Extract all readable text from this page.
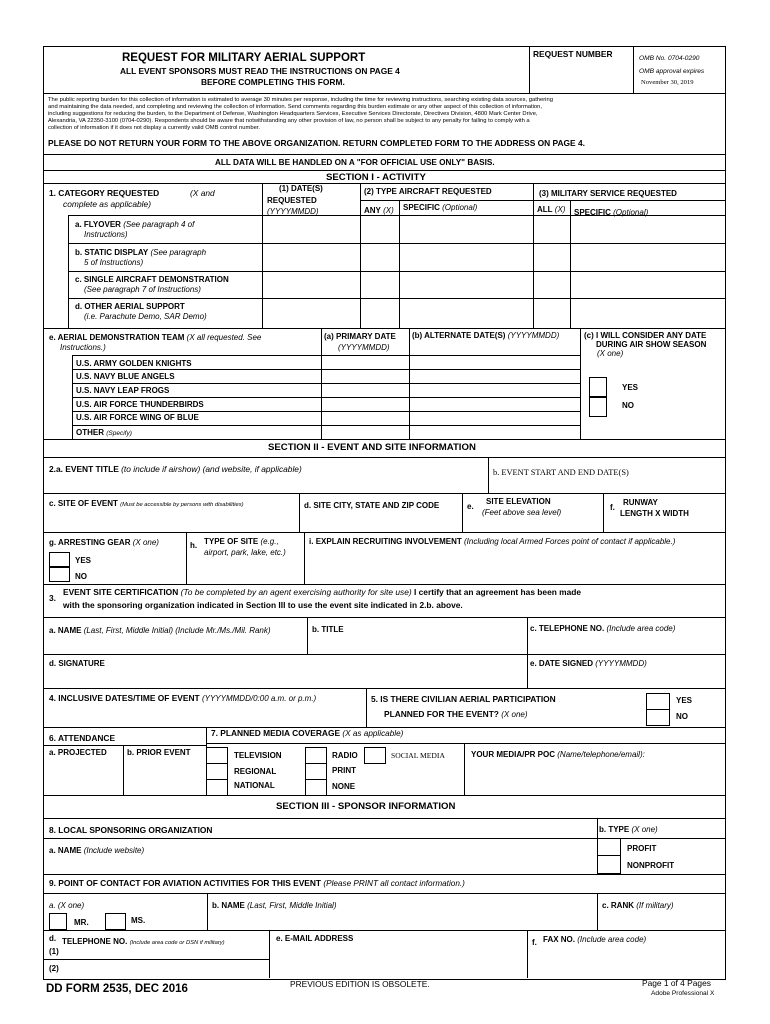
REQUEST FOR MILITARY AERIAL SUPPORT
ALL EVENT SPONSORS MUST READ THE INSTRUCTIONS ON PAGE 4
BEFORE COMPLETING THIS FORM.
REQUEST NUMBER	OMB No. 0704-0290
OMB approval expires
November 30, 2019
The public reporting burden for this collection of information is estimated to average 30 minutes per response, including the time for reviewing instructions, searching existing data sources, gathering
and maintaining the data needed, and completing and reviewing the collection of information. Send comments regarding this burden estimate or any other aspect of this collection of information,
including suggestions for reducing the burden, to the Department of Defense, Washington Headquarters Services, Executive Services Directorate, Directives Division, 4800 Mark Center Drive,
Alexandria, VA 22350-3100 (0704-0290). Respondents should be aware that notwithstanding any other provision of law, no person shall be subject to any penalty for failing to comply with a
collection of information if it does not display a currently valid OMB control number.
PLEASE DO NOT RETURN YOUR FORM TO THE ABOVE ORGANIZATION. RETURN COMPLETED FORM TO THE ADDRESS ON PAGE 4.
ALL DATA WILL BE HANDLED ON A "FOR OFFICIAL USE ONLY" BASIS.
SECTION I - ACTIVITY
1. CATEGORY REQUESTED	(X and
complete as applicable)
(1) DATE(S)
REQUESTED
(YYYYMMDD)
(2) TYPE AIRCRAFT REQUESTED
ANY (X) SPECIFIC (Optional)
(3) MILITARY SERVICE REQUESTED
ALL (X) SPECIFIC (Optional)
a. FLYOVER (See paragraph 4 of
Instructions)
b. STATIC DISPLAY (See paragraph
5 of Instructions)
c. SINGLE AIRCRAFT DEMONSTRATION
(See paragraph 7 of Instructions)
d. OTHER AERIAL SUPPORT
(i.e. Parachute Demo, SAR Demo)
e. AERIAL DEMONSTRATION TEAM (X all requested. See
Instructions.)
(a) PRIMARY DATE
(YYYYMMDD)
(b) ALTERNATE DATE(S) (YYYYMMDD)	(c) I WILL CONSIDER ANY DATE
DURING AIR SHOW SEASON
(X one)
U.S. ARMY GOLDEN KNIGHTS
U.S. NAVY BLUE ANGELS
U.S. NAVY LEAP FROGS
U.S. AIR FORCE THUNDERBIRDS
U.S. AIR FORCE WING OF BLUE
OTHER (Specify)
YES
NO
SECTION II - EVENT AND SITE INFORMATION
2.a. EVENT TITLE (to include if airshow) (and website, if applicable)	b. EVENT START AND END DATE(S)
c. SITE OF EVENT (Must be accessible by persons with disabilities)	d. SITE CITY, STATE AND ZIP CODE	e.
SITE ELEVATION
(Feet above sea level)
f.
RUNWAY
LENGTH X WIDTH
g. ARRESTING GEAR (X one)
YES
NO
h. TYPE OF SITE (e.g.,
airport, park, lake, etc.)
i. EXPLAIN RECRUITING INVOLVEMENT (Including local Armed Forces point of contact if applicable.)
3.
EVENT SITE CERTIFICATION (To be completed by an agent exercising authority for site use) I certify that an agreement has been made
with the sponsoring organization indicated in Section III to use the event site indicated in 2.b. above.
a. NAME (Last, First, Middle Initial) (Include Mr./Ms./Mil. Rank)	b. TITLE	c. TELEPHONE NO. (Include area code)
d. SIGNATURE	e. DATE SIGNED (YYYYMMDD)
4. INCLUSIVE DATES/TIME OF EVENT (YYYYMMDD/0:00 a.m. or p.m.)	5. IS THERE CIVILIAN AERIAL PARTICIPATION
PLANNED FOR THE EVENT? (X one)
YES
NO
6. ATTENDANCE	7. PLANNED MEDIA COVERAGE (X as applicable)
a. PROJECTED	b. PRIOR EVENT	TELEVISION
REGIONAL
NATIONAL
RADIO
PRINT
NONE
SOCIAL MEDIA	YOUR MEDIA/PR POC (Name/telephone/email):
SECTION III - SPONSOR INFORMATION
8. LOCAL SPONSORING ORGANIZATION	b. TYPE (X one)
a. NAME (Include website)	PROFIT
NONPROFIT
9. POINT OF CONTACT FOR AVIATION ACTIVITIES FOR THIS EVENT (Please PRINT all contact information.)
a. (X one)
MR.	MS.
b. NAME (Last, First, Middle Initial)	c. RANK (If military)
d. TELEPHONE NO. (Include area code or DSN if military)
(1)
(2)
e. E-MAIL ADDRESS	f. FAX NO. (Include area code)
DD FORM 2535, DEC 2016	PREVIOUS EDITION IS OBSOLETE.	Page 1 of 4 Pages
Adobe Professional X
